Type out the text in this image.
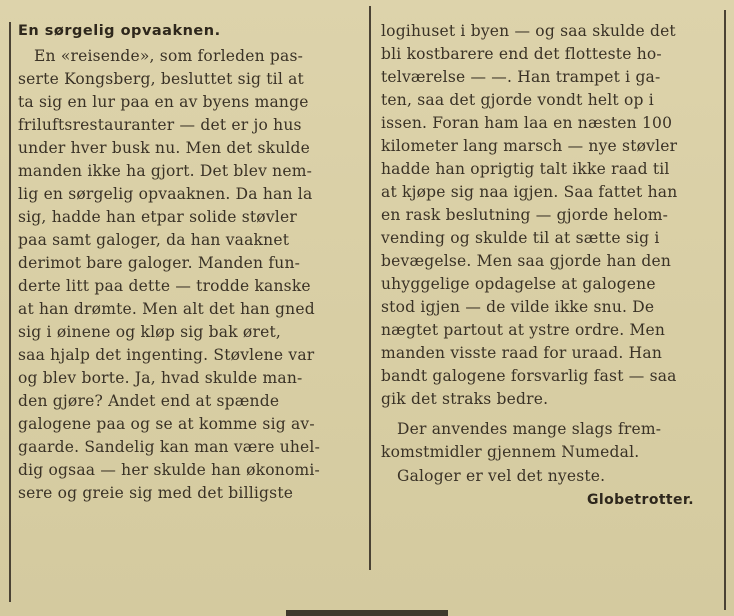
En sørgelig opvaaknen.
En «reisende», som forleden pas-
serte Kongsberg, besluttet sig til at
ta sig en lur paa en av byens mange
friluftsrestauranter — det er jo hus
under hver busk nu. Men det skulde
manden ikke ha gjort. Det blev nem-
lig en sørgelig opvaaknen. Da han la
sig, hadde han etpar solide støvler
paa samt galoger, da han vaaknet
derimot bare galoger. Manden fun-
derte litt paa dette — trodde kanske
at han drømte. Men alt det han gned
sig i øinene og kløp sig bak øret,
saa hjalp det ingenting. Støvlene var
og blev borte. Ja, hvad skulde man-
den gjøre? Andet end at spænde
galogene paa og se at komme sig av-
gaarde. Sandelig kan man være uhel-
dig ogsaa — her skulde han økonomi-
sere og greie sig med det billigste
logihuset i byen — og saa skulde det
bli kostbarere end det flotteste ho-
telværelse — —. Han trampet i ga-
ten, saa det gjorde vondt helt op i
issen. Foran ham laa en næsten 100
kilometer lang marsch — nye støvler
hadde han oprigtig talt ikke raad til
at kjøpe sig naa igjen. Saa fattet han
en rask beslutning — gjorde helom-
vending og skulde til at sætte sig i
bevægelse. Men saa gjorde han den
uhyggelige opdagelse at galogene
stod igjen — de vilde ikke snu. De
nægtet partout at ystre ordre. Men
manden visste raad for uraad. Han
bandt galogene forsvarlig fast — saa
gik det straks bedre.
Der anvendes mange slags frem-
komstmidler gjennem Numedal.
Galoger er vel det nyeste.
Globetrotter.
